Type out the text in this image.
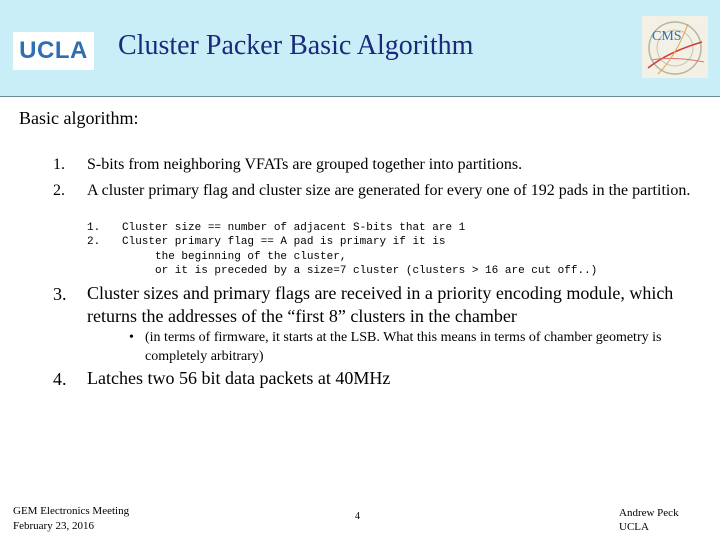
UCLA Cluster Packer Basic Algorithm	CMS
Basic algorithm:
1. S-bits from neighboring VFATs are grouped together into partitions.
2. A cluster primary flag and cluster size are generated for every one of 192 pads in the partition.
1. Cluster size == number of adjacent S-bits that are 1
2. Cluster primary flag == A pad is primary if it is
the beginning of the cluster,
or it is preceded by a size=7 cluster (clusters > 16 are cut off..)
3. Cluster sizes and primary flags are received in a priority encoding module, which returns the addresses of the “first 8” clusters in the chamber
• (in terms of firmware, it starts at the LSB. What this means in terms of chamber geometry is completely arbitrary)
4. Latches two 56 bit data packets at 40MHz
GEM Electronics Meeting
February 23, 2016
4	Andrew Peck
UCLA
